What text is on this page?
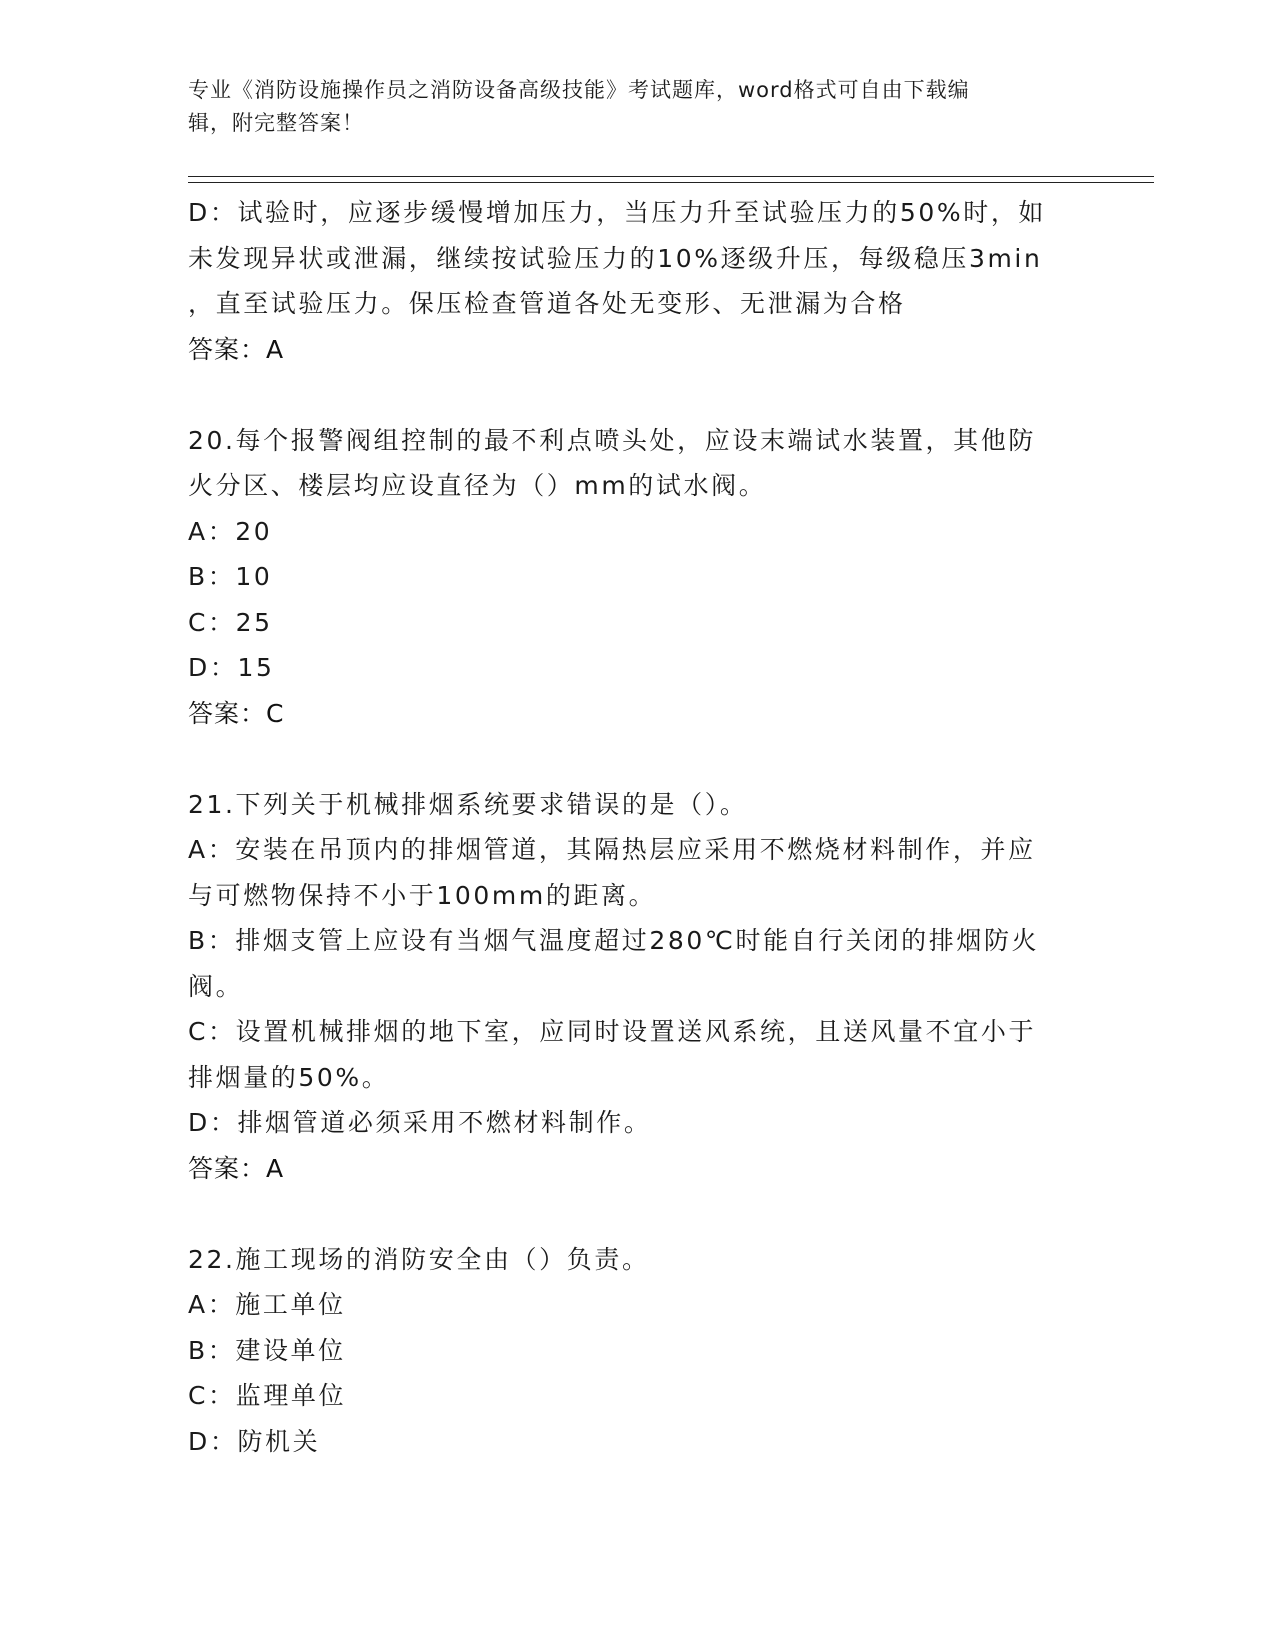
专业《消防设施操作员之消防设备高级技能》考试题库，word格式可自由下载编
辑，附完整答案！
D：试验时，应逐步缓慢增加压力，当压力升至试验压力的50%时，如
未发现异状或泄漏，继续按试验压力的10%逐级升压，每级稳压3min
，直至试验压力。保压检查管道各处无变形、无泄漏为合格
答案：A
20.每个报警阀组控制的最不利点喷头处，应设末端试水装置，其他防
火分区、楼层均应设直径为（）mm的试水阀。
A：20
B：10
C：25
D：15
答案：C
21.下列关于机械排烟系统要求错误的是（）。
A：安装在吊顶内的排烟管道，其隔热层应采用不燃烧材料制作，并应
与可燃物保持不小于100mm的距离。
B：排烟支管上应设有当烟气温度超过280℃时能自行关闭的排烟防火
阀。
C：设置机械排烟的地下室，应同时设置送风系统，且送风量不宜小于
排烟量的50%。
D：排烟管道必须采用不燃材料制作。
答案：A
22.施工现场的消防安全由（）负责。
A：施工单位
B：建设单位
C：监理单位
D：防机关
